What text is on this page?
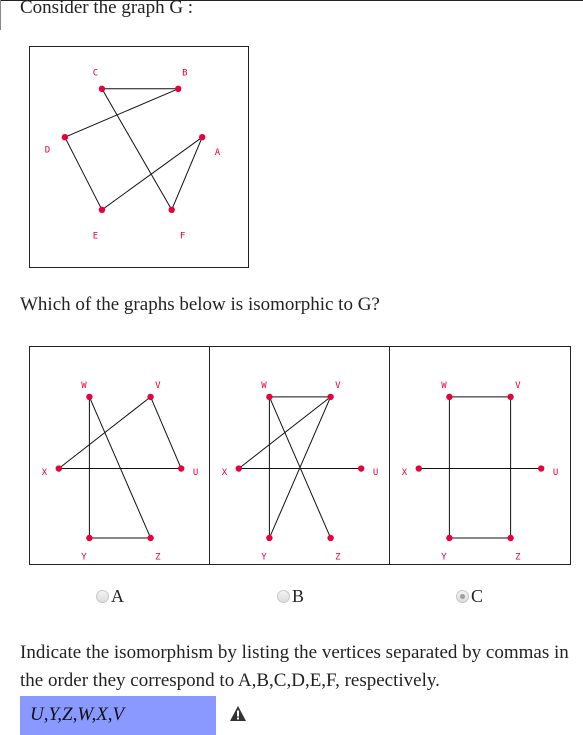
Consider the graph G :
A
B
C
D
E	F
Which of the graphs below is isomorphic to G?
W	V
X	U
Y	Z
W	V
X	U
Y	Z
W	V
X	U
Y	Z
A	B	C
Indicate the isomorphism by listing the vertices separated by commas in the order they correspond to A,B,C,D,E,F, respectively.
U,Y,Z,W,X,V
